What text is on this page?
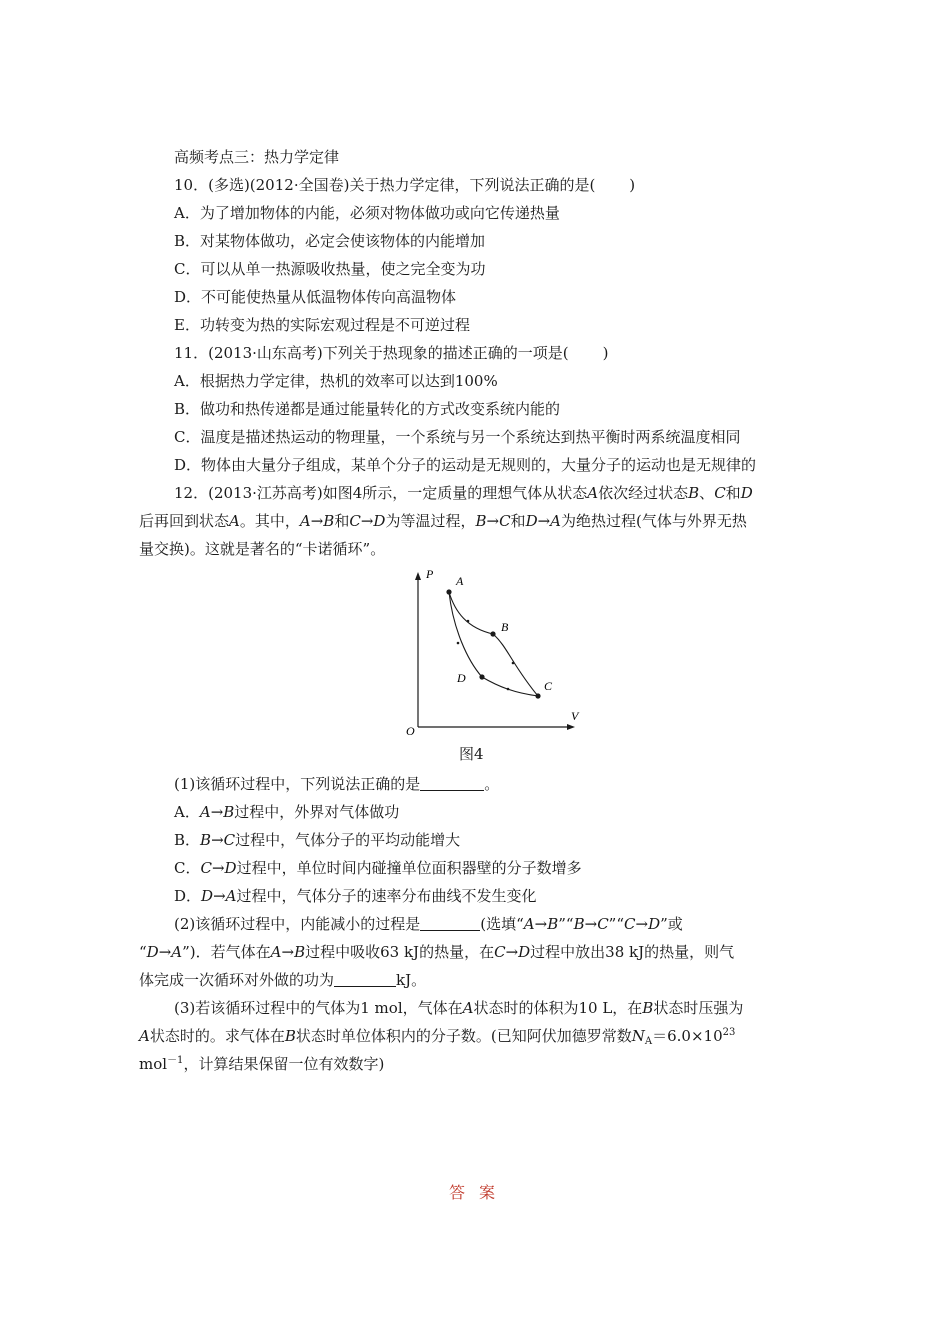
高频考点三：热力学定律
10．(多选)(2012·全国卷)关于热力学定律，下列说法正确的是( )
A．为了增加物体的内能，必须对物体做功或向它传递热量
B．对某物体做功，必定会使该物体的内能增加
C．可以从单一热源吸收热量，使之完全变为功
D．不可能使热量从低温物体传向高温物体
E．功转变为热的实际宏观过程是不可逆过程
11．(2013·山东高考)下列关于热现象的描述正确的一项是( )
A．根据热力学定律，热机的效率可以达到100%
B．做功和热传递都是通过能量转化的方式改变系统内能的
C．温度是描述热运动的物理量，一个系统与另一个系统达到热平衡时两系统温度相同
D．物体由大量分子组成，某单个分子的运动是无规则的，大量分子的运动也是无规律的
12．(2013·江苏高考)如图4所示，一定质量的理想气体从状态A依次经过状态B、C和D
后再回到状态A。其中，A→B和C→D为等温过程，B→C和D→A为绝热过程(气体与外界无热
量交换)。这就是著名的“卡诺循环”。
P
V
O
A
B
C
D
图4
(1)该循环过程中，下列说法正确的是	。
A．A→B过程中，外界对气体做功
B．B→C过程中，气体分子的平均动能增大
C．C→D过程中，单位时间内碰撞单位面积器壁的分子数增多
D．D→A过程中，气体分子的速率分布曲线不发生变化
(2)该循环过程中，内能减小的过程是	(选填“A→B”“B→C”“C→D”或
“D→A”)．若气体在A→B过程中吸收63 kJ的热量，在C→D过程中放出38 kJ的热量，则气
体完成一次循环对外做的功为	kJ。
(3)若该循环过程中的气体为1 mol，气体在A状态时的体积为10 L，在B状态时压强为
A状态时的。求气体在B状态时单位体积内的分子数。(已知阿伏加德罗常数$N_A=6.0\times 10^{23}$
mol$^{-1}$，计算结果保留一位有效数字)
答案
